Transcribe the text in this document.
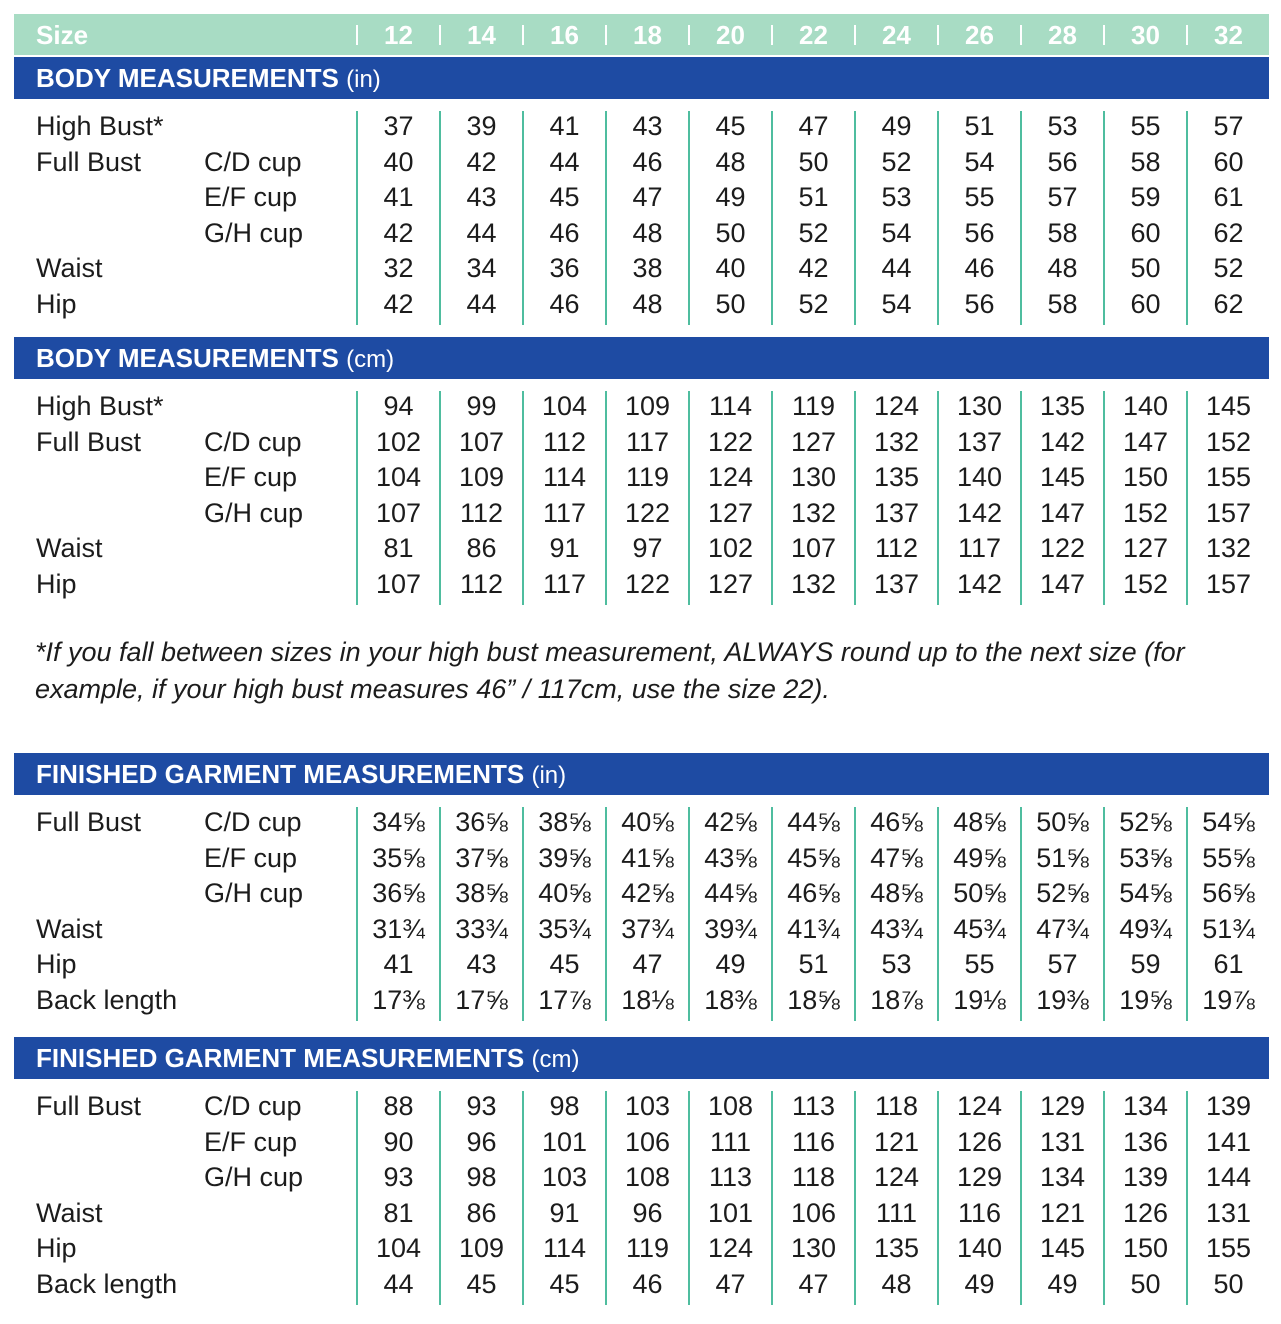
Size	12	14	16	18	20	22	24	26	28	30	32
BODY MEASUREMENTS (in)
High Bust*	37	39	41	43	45	47	49	51	53	55	57
Full Bust C/D cup	40	42	44	46	48	50	52	54	56	58	60
E/F cup	41	43	45	47	49	51	53	55	57	59	61
G/H cup	42	44	46	48	50	52	54	56	58	60	62
Waist	32	34	36	38	40	42	44	46	48	50	52
Hip	42	44	46	48	50	52	54	56	58	60	62
BODY MEASUREMENTS (cm)
High Bust*	94	99	104	109	114	119	124	130	135	140	145
Full Bust C/D cup	102	107	112	117	122	127	132	137	142	147	152
E/F cup	104	109	114	119	124	130	135	140	145	150	155
G/H cup	107	112	117	122	127	132	137	142	147	152	157
Waist	81	86	91	97	102	107	112	117	122	127	132
Hip	107	112	117	122	127	132	137	142	147	152	157
*If you fall between sizes in your high bust measurement, ALWAYS round up to the next size (for example, if your high bust measures 46” / 117cm, use the size 22).
FINISHED GARMENT MEASUREMENTS (in)
Full Bust C/D cup	34⅝	36⅝	38⅝	40⅝	42⅝	44⅝	46⅝	48⅝	50⅝	52⅝	54⅝
E/F cup	35⅝	37⅝	39⅝	41⅝	43⅝	45⅝	47⅝	49⅝	51⅝	53⅝	55⅝
G/H cup	36⅝	38⅝	40⅝	42⅝	44⅝	46⅝	48⅝	50⅝	52⅝	54⅝	56⅝
Waist	31¾	33¾	35¾	37¾	39¾	41¾	43¾	45¾	47¾	49¾	51¾
Hip	41	43	45	47	49	51	53	55	57	59	61
Back length	17⅜	17⅝	17⅞	18⅛	18⅜	18⅝	18⅞	19⅛	19⅜	19⅝	19⅞
FINISHED GARMENT MEASUREMENTS (cm)
Full Bust C/D cup	88	93	98	103	108	113	118	124	129	134	139
E/F cup	90	96	101	106	111	116	121	126	131	136	141
G/H cup	93	98	103	108	113	118	124	129	134	139	144
Waist	81	86	91	96	101	106	111	116	121	126	131
Hip	104	109	114	119	124	130	135	140	145	150	155
Back length	44	45	45	46	47	47	48	49	49	50	50
